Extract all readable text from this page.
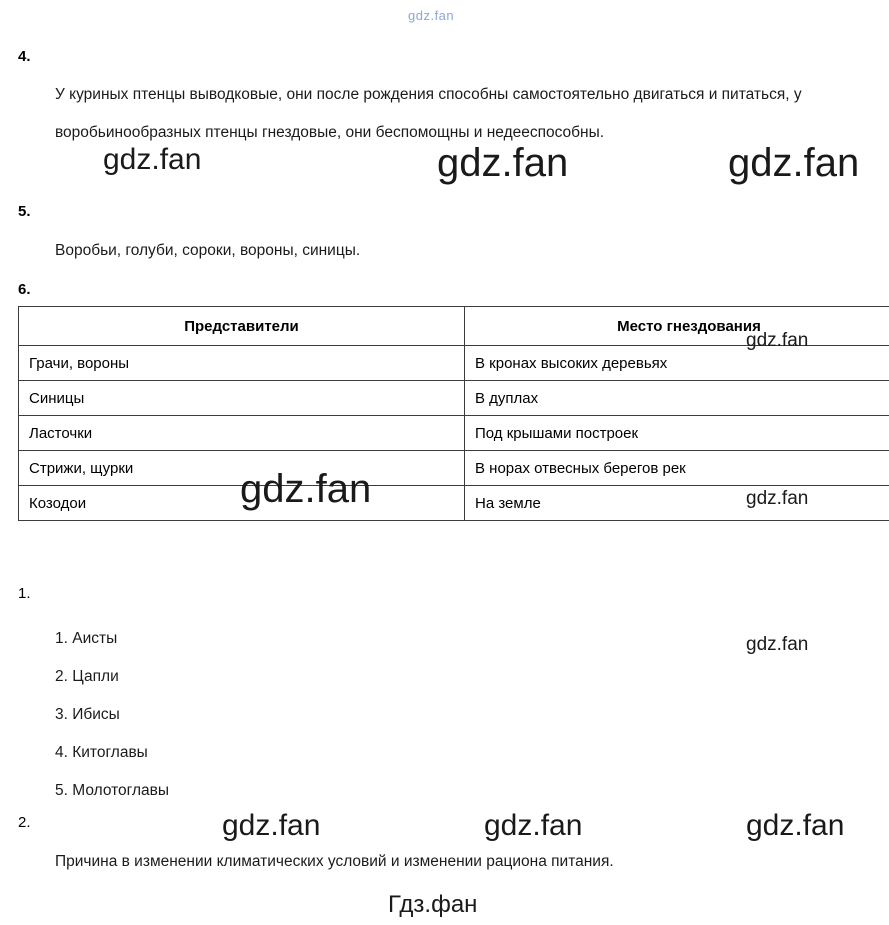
gdz.fan
4.
У куриных птенцы выводковые, они после рождения способны самостоятельно двигаться и питаться, у воробьинообразных птенцы гнездовые, они беспомощны и недееспособны.
5.
Воробьи, голуби, сороки, вороны, синицы.
6.
Представители	Место гнездования
Грачи, вороны	В кронах высоких деревьях
Синицы	В дуплах
Ласточки	Под крышами построек
Стрижи, щурки	В норах отвесных берегов рек
Козодои	На земле
1.
1. Аисты
2. Цапли
3. Ибисы
4. Китоглавы
5. Молотоглавы
2.
Причина в изменении климатических условий и изменении рациона питания.
Гдз.фан
gdz.fan	gdz.fan	gdz.fan
gdz.fan
gdz.fan	gdz.fan
gdz.fan
gdz.fan	gdz.fan	gdz.fan
